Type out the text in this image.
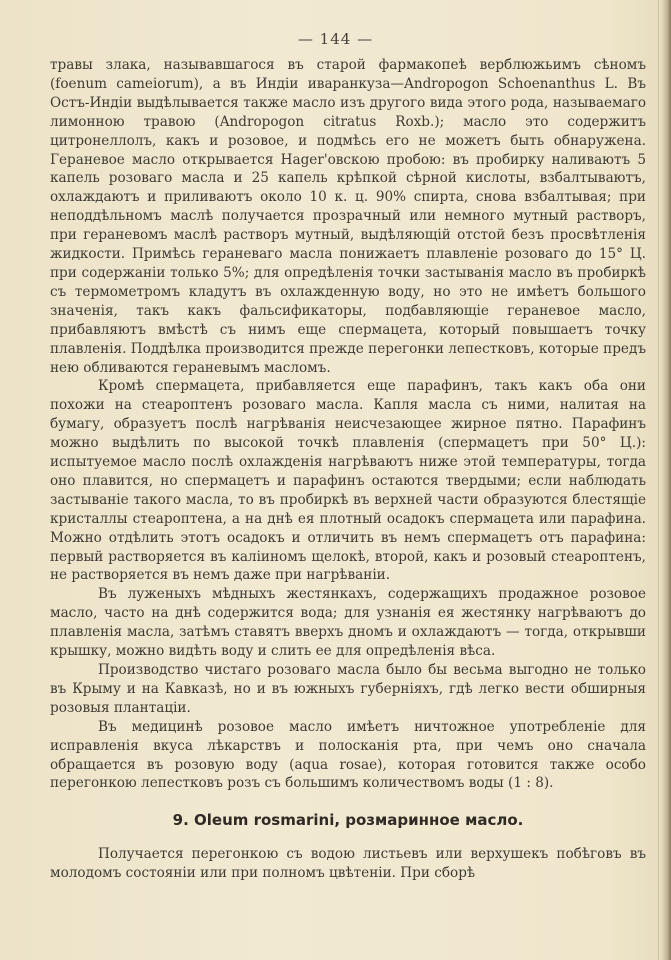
— 144 —

травы злака, называвшагося въ старой фармакопеѣ верблюжьимъ сѣномъ (foenum cameiorum), а въ Индіи иваранкуза—Andropogon Schoenanthus L. Въ Остъ-Индіи выдѣлывается также масло изъ другого вида этого рода, называемаго лимонною травою (Andropogon citratus Roxb.); масло это содержитъ цитронеллолъ, какъ и розовое, и подмѣсь его не можетъ быть обнаружена. Гераневое масло открывается Hager'овскою пробою: въ пробирку наливаютъ 5 капель розоваго масла и 25 капель крѣпкой сѣрной кислоты, взбалтываютъ, охлаждаютъ и приливаютъ около 10 к. ц. 90% спирта, снова взбалтывая; при неподдѣльномъ маслѣ получается прозрачный или немного мутный растворъ, при гераневомъ маслѣ растворъ мутный, выдѣляющій отстой безъ просвѣтленія жидкости. Примѣсь гераневаго масла понижаетъ плавленіе розоваго до 15° Ц. при содержаніи только 5%; для опредѣленія точки застыванія масло въ пробиркѣ съ термометромъ кладутъ въ охлажденную воду, но это не имѣетъ большого значенія, такъ какъ фальсификаторы, подбавляющіе гераневое масло, прибавляютъ вмѣстѣ съ нимъ еще спермацета, который повышаетъ точку плавленія. Поддѣлка производится прежде перегонки лепестковъ, которые предъ нею обливаются гераневымъ масломъ.

Кромѣ спермацета, прибавляется еще парафинъ, такъ какъ оба они похожи на стеароптенъ розоваго масла. Капля масла съ ними, налитая на бумагу, образуетъ послѣ нагрѣванія неисчезающее жирное пятно. Парафинъ можно выдѣлить по высокой точкѣ плавленія (спермацетъ при 50° Ц.): испытуемое масло послѣ охлажденія нагрѣваютъ ниже этой температуры, тогда оно плавится, но спермацетъ и парафинъ остаются твердыми; если наблюдать застываніе такого масла, то въ пробиркѣ въ верхней части образуются блестящіе кристаллы стеароптена, а на днѣ ея плотный осадокъ спермацета или парафина. Можно отдѣлить этотъ осадокъ и отличить въ немъ спермацетъ отъ парафина: первый растворяется въ каліиномъ щелокѣ, второй, какъ и розовый стеароптенъ, не растворяется въ немъ даже при нагрѣваніи.

Въ луженыхъ мѣдныхъ жестянкахъ, содержащихъ продажное розовое масло, часто на днѣ содержится вода; для узнанія ея жестянку нагрѣваютъ до плавленія масла, затѣмъ ставятъ вверхъ дномъ и охлаждаютъ — тогда, открывши крышку, можно видѣть воду и слить ее для опредѣленія вѣса.

Производство чистаго розоваго масла было бы весьма выгодно не только въ Крыму и на Кавказѣ, но и въ южныхъ губерніяхъ, гдѣ легко вести обширныя розовыя плантаціи.

Въ медицинѣ розовое масло имѣетъ ничтожное употребленіе для исправленія вкуса лѣкарствъ и полосканія рта, при чемъ оно сначала обращается въ розовую воду (aqua rosae), которая готовится также особо перегонкою лепестковъ розъ съ большимъ количествомъ воды (1 : 8).

9. Oleum rosmarini, розмаринное масло.

Получается перегонкою съ водою листьевъ или верхушекъ побѣговъ въ молодомъ состояніи или при полномъ цвѣтеніи. При сборѣ
